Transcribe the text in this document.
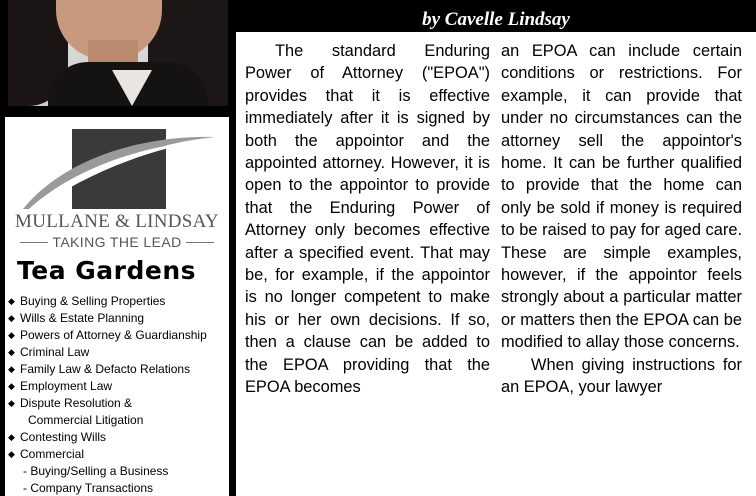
MULLANE & LINDSAY
TAKING THE LEAD
Tea Gardens
◆ Buying & Selling Properties
◆ Wills & Estate Planning
◆ Powers of Attorney & Guardianship
◆ Criminal Law
◆ Family Law & Defacto Relations
◆ Employment Law
◆ Dispute Resolution &
Commercial Litigation
◆ Contesting Wills
◆ Commercial
- Buying/Selling a Business
- Company Transactions
by Cavelle Lindsay

The standard Enduring Power of Attorney ("EPOA") provides that it is effective immediately after it is signed by both the appointor and the appointed attorney. However, it is open to the appointor to provide that the Enduring Power of Attorney only becomes effective after a specified event. That may be, for example, if the appointor is no longer competent to make his or her own decisions. If so, then a clause can be added to the EPOA providing that the EPOA becomes

an EPOA can include certain conditions or restrictions. For example, it can provide that under no circumstances can the attorney sell the appointor's home. It can be further qualified to provide that the home can only be sold if money is required to be raised to pay for aged care. These are simple examples, however, if the appointor feels strongly about a particular matter or matters then the EPOA can be modified to allay those concerns.

When giving instructions for an EPOA, your lawyer
